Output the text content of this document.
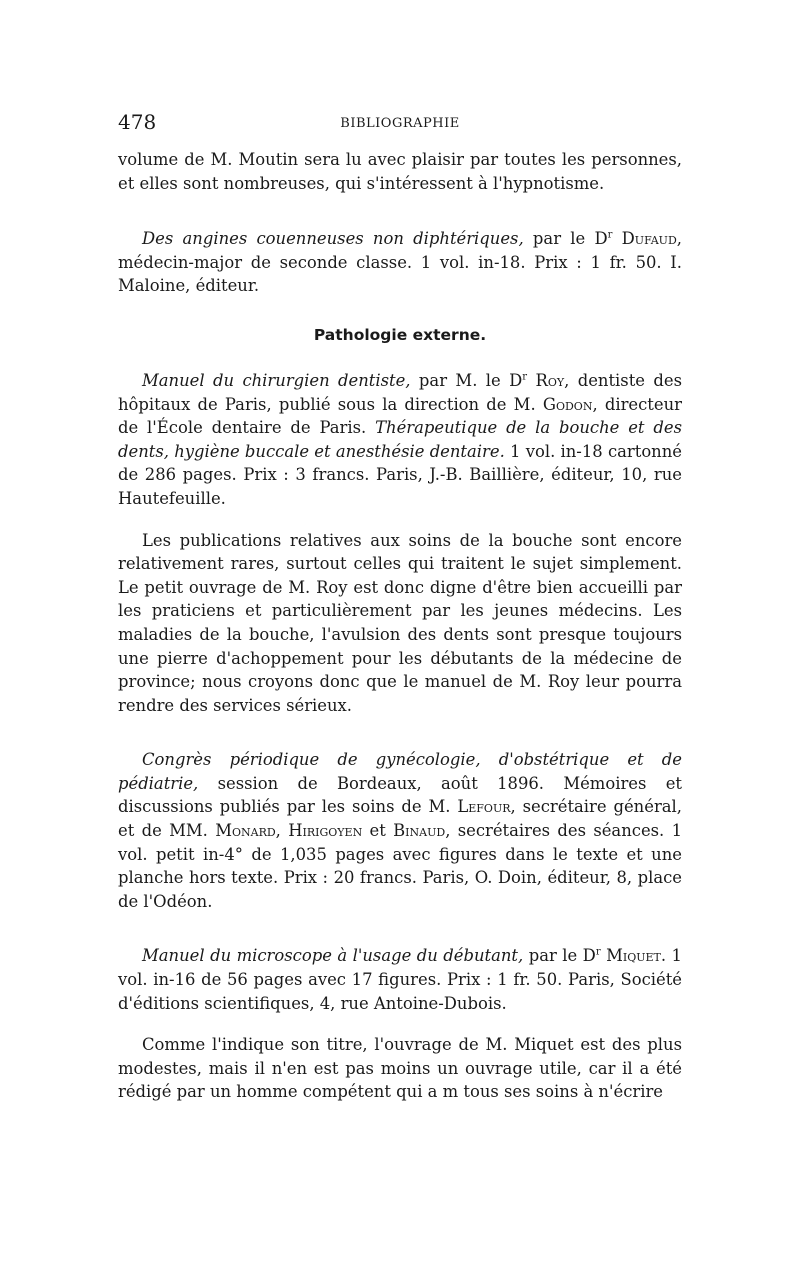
478	BIBLIOGRAPHIE

volume de M. Moutin sera lu avec plaisir par toutes les personnes, et elles sont nombreuses, qui s'intéressent à l'hypnotisme.

Des angines couenneuses non diphtériques, par le $D^r$ Dufaud, médecin-major de seconde classe. 1 vol. in-18. Prix : 1 fr. 50. I. Maloine, éditeur.

Pathologie externe.

Manuel du chirurgien dentiste, par M. le $D^r$ Roy, dentiste des hôpitaux de Paris, publié sous la direction de M. Godon, directeur de l'École dentaire de Paris. Thérapeutique de la bouche et des dents, hygiène buccale et anesthésie dentaire. 1 vol. in-18 cartonné de 286 pages. Prix : 3 francs. Paris, J.-B. Baillière, éditeur, 10, rue Hautefeuille.

Les publications relatives aux soins de la bouche sont encore relativement rares, surtout celles qui traitent le sujet simplement. Le petit ouvrage de M. Roy est donc digne d'être bien accueilli par les praticiens et particulièrement par les jeunes médecins. Les maladies de la bouche, l'avulsion des dents sont presque toujours une pierre d'achoppement pour les débutants de la médecine de province; nous croyons donc que le manuel de M. Roy leur pourra rendre des services sérieux.

Congrès périodique de gynécologie, d'obstétrique et de pédiatrie, session de Bordeaux, août 1896. Mémoires et discussions publiés par les soins de M. Lefour, secrétaire général, et de MM. Monard, Hirigoyen et Binaud, secrétaires des séances. 1 vol. petit in-4° de 1,035 pages avec figures dans le texte et une planche hors texte. Prix : 20 francs. Paris, O. Doin, éditeur, 8, place de l'Odéon.

Manuel du microscope à l'usage du débutant, par le $D^r$ Miquet. 1 vol. in-16 de 56 pages avec 17 figures. Prix : 1 fr. 50. Paris, Société d'éditions scientifiques, 4, rue Antoine-Dubois.

Comme l'indique son titre, l'ouvrage de M. Miquet est des plus modestes, mais il n'en est pas moins un ouvrage utile, car il a été rédigé par un homme compétent qui a m tous ses soins à n'écrire
